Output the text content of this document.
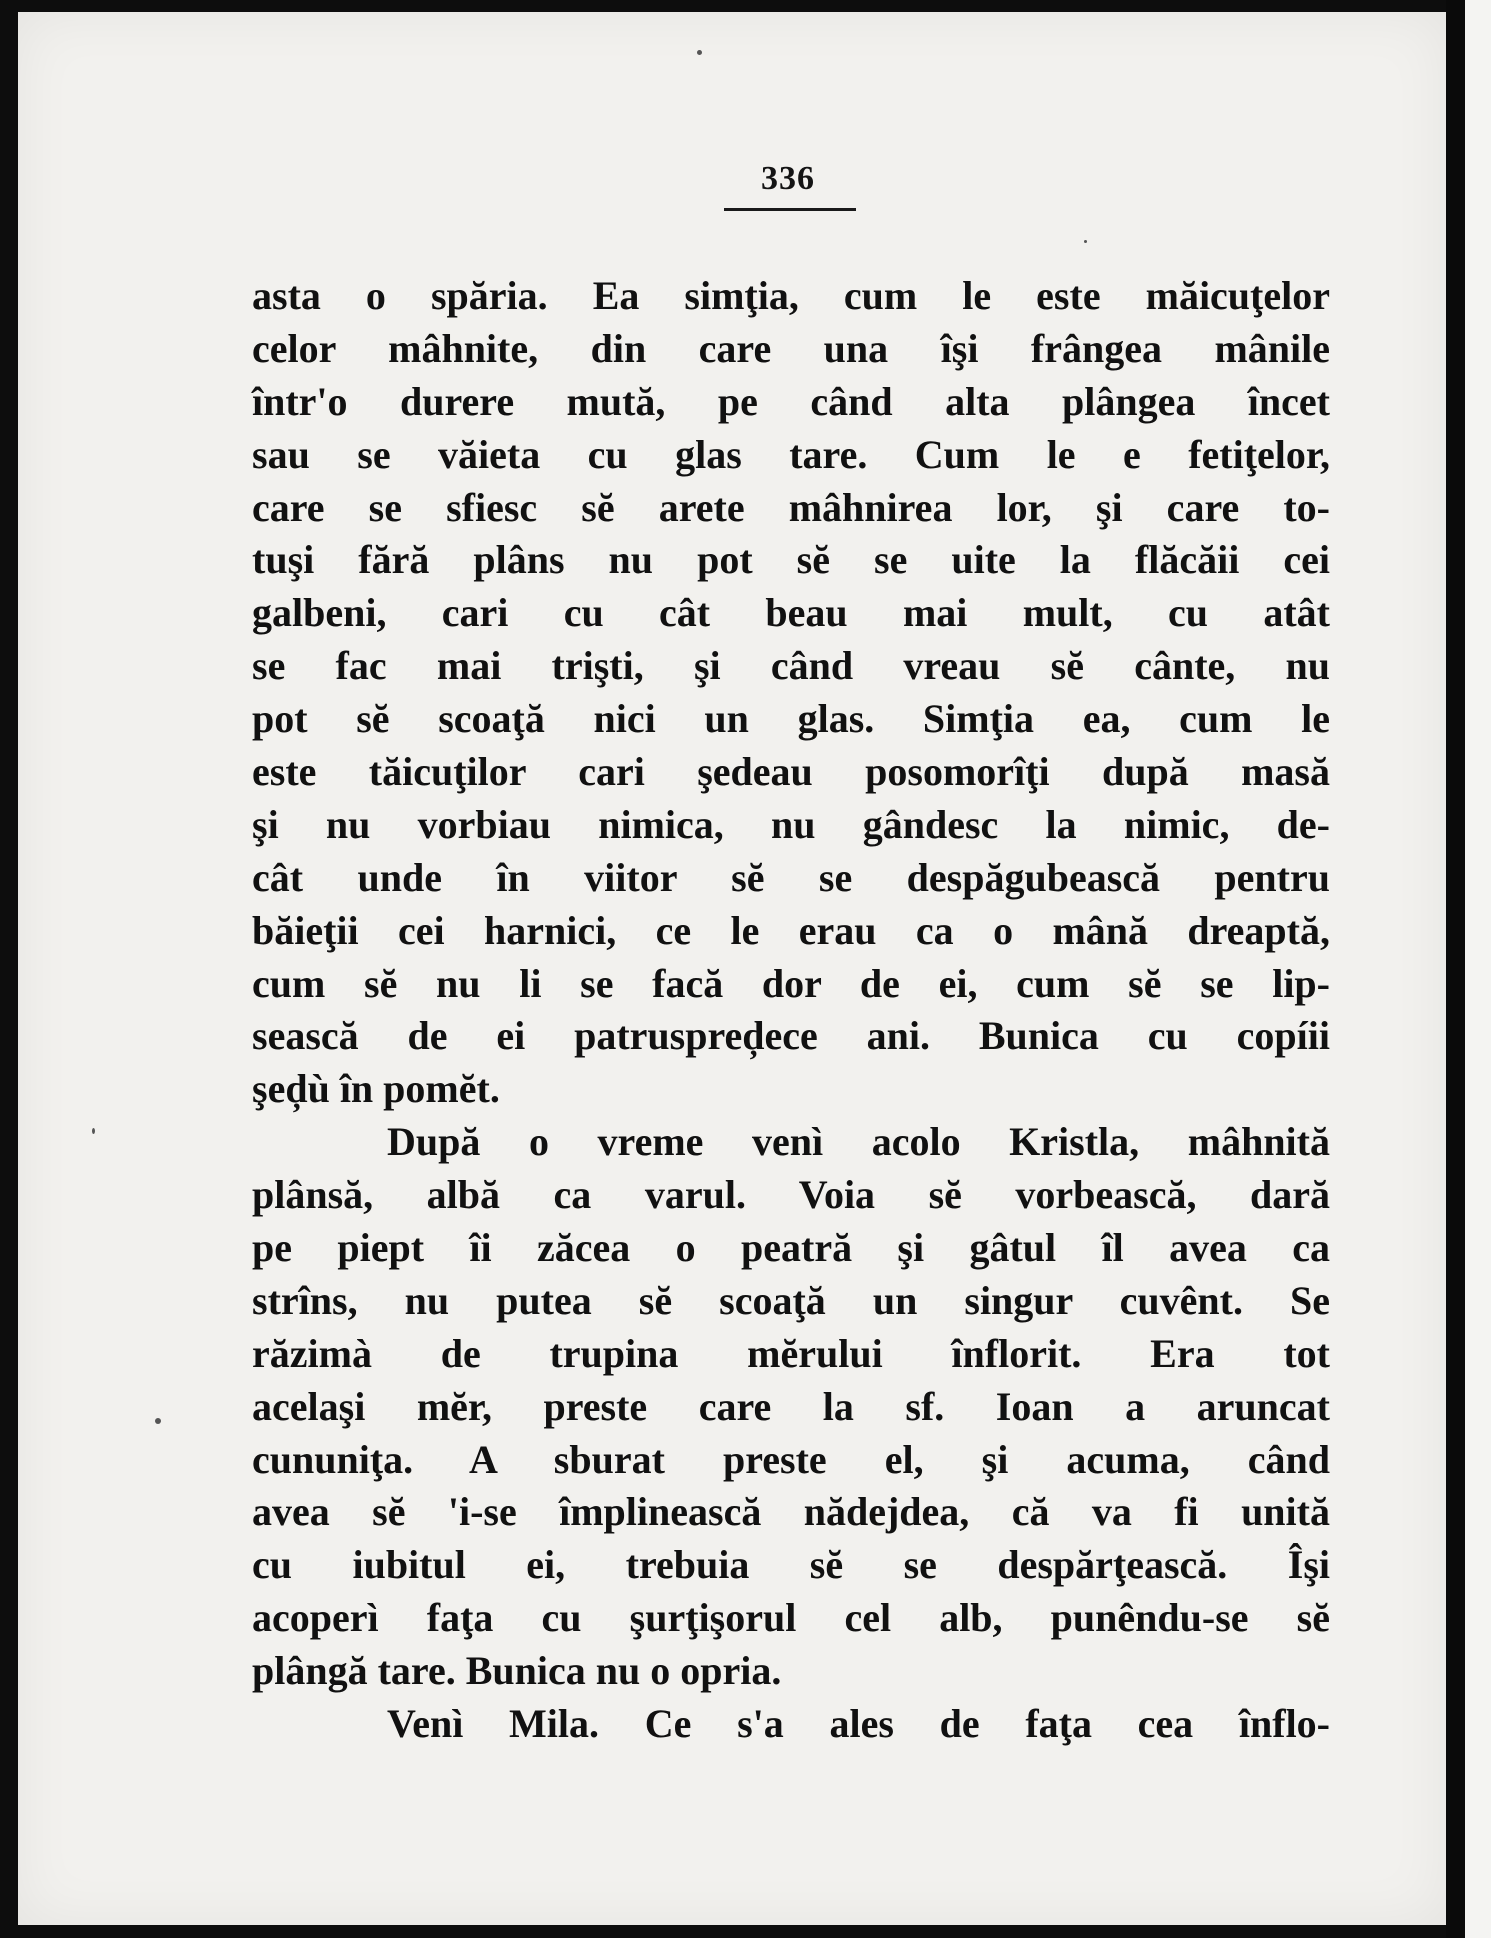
336
asta o spăria. Ea simţia, cum le este măicuţelor
celor mâhnite, din care una îşi frângea mânile
într'o durere mută, pe când alta plângea încet
sau se văieta cu glas tare. Cum le e fetiţelor,
care se sfiesc sĕ arete mâhnirea lor, şi care to-
tuşi fără plâns nu pot sĕ se uite la flăcăii cei
galbeni, cari cu cât beau mai mult, cu atât
se fac mai trişti, şi când vreau sĕ cânte, nu
pot sĕ scoaţă nici un glas. Simţia ea, cum le
este tăicuţilor cari şedeau posomorîţi după masă
şi nu vorbiau nimica, nu gândesc la nimic, de-
cât unde în viitor sĕ se despăgubească pentru
băieţii cei harnici, ce le erau ca o mână dreaptă,
cum sĕ nu li se facă dor de ei, cum sĕ se lip-
sească de ei patruspreḑece ani. Bunica cu copíii
şeḑù în pomĕt.
După o vreme venì acolo Kristla, mâhnită
plânsă, albă ca varul. Voia sĕ vorbească, dară
pe piept îi zăcea o peatră şi gâtul îl avea ca
strîns, nu putea sĕ scoaţă un singur cuvênt. Se
răzimà de trupina mĕrului înflorit. Era tot
acelaşi mĕr, preste care la sf. Ioan a aruncat
cununiţa. A sburat preste el, şi acuma, când
avea sĕ 'i-se împlinească nădejdea, că va fi unită
cu iubitul ei, trebuia sĕ se despărţească. Îşi
acoperì faţa cu şurţişorul cel alb, punêndu-se sĕ
plângă tare. Bunica nu o opria.
Venì Mila. Ce s'a ales de faţa cea înflo-
